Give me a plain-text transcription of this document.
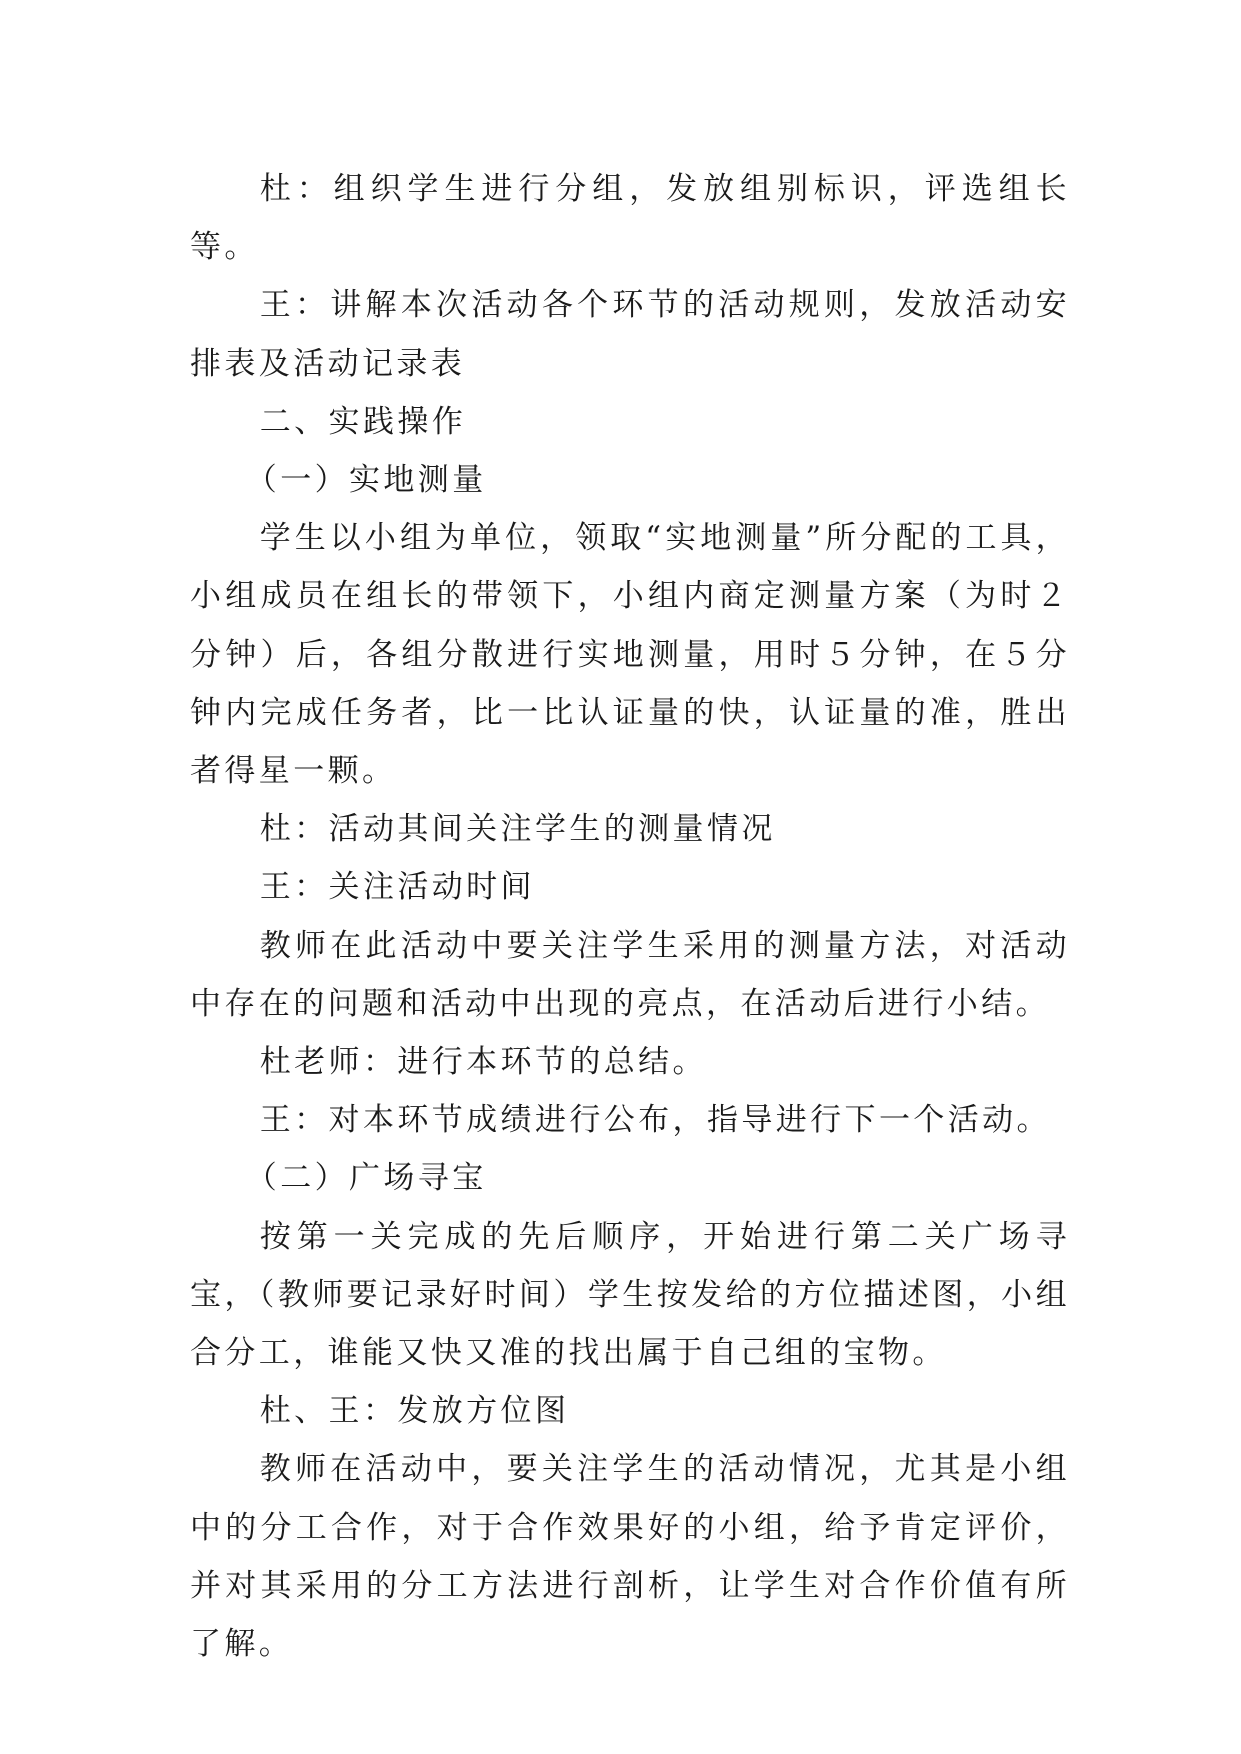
杜：组织学生进行分组，发放组别标识，评选组长等。

王：讲解本次活动各个环节的活动规则，发放活动安排表及活动记录表

二、实践操作

（一）实地测量

学生以小组为单位，领取“实地测量”所分配的工具，小组成员在组长的带领下，小组内商定测量方案（为时２分钟）后，各组分散进行实地测量，用时５分钟，在５分钟内完成任务者，比一比认证量的快，认证量的准，胜出者得星一颗。

杜：活动其间关注学生的测量情况

王：关注活动时间

教师在此活动中要关注学生采用的测量方法，对活动中存在的问题和活动中出现的亮点，在活动后进行小结。

杜老师：进行本环节的总结。

王：对本环节成绩进行公布，指导进行下一个活动。

（二）广场寻宝

按第一关完成的先后顺序，开始进行第二关广场寻宝，（教师要记录好时间）学生按发给的方位描述图，小组合分工，谁能又快又准的找出属于自己组的宝物。

杜、王：发放方位图

教师在活动中，要关注学生的活动情况，尤其是小组中的分工合作，对于合作效果好的小组，给予肯定评价，并对其采用的分工方法进行剖析，让学生对合作价值有所了解。
